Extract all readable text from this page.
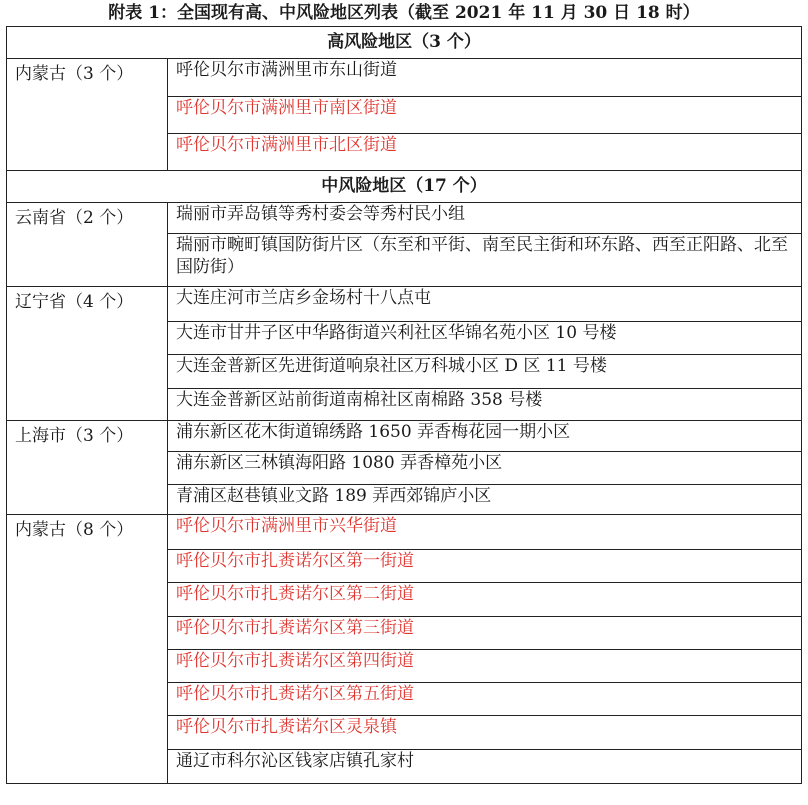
附表 1：全国现有高、中风险地区列表（截至 2021 年 11 月 30 日 18 时）
高风险地区（3 个）	
内蒙古（3 个）	呼伦贝尔市满洲里市东山街道
	呼伦贝尔市满洲里市南区街道
	呼伦贝尔市满洲里市北区街道
中风险地区（17 个）	
云南省（2 个）	瑞丽市弄岛镇等秀村委会等秀村民小组
	瑞丽市畹町镇国防街片区（东至和平街、南至民主街和环东路、西至正阳路、北至国防街）
辽宁省（4 个）	大连庄河市兰店乡金场村十八点屯
	大连市甘井子区中华路街道兴利社区华锦名苑小区 10 号楼
	大连金普新区先进街道响泉社区万科城小区 D 区 11 号楼
	大连金普新区站前街道南棉社区南棉路 358 号楼
上海市（3 个）	浦东新区花木街道锦绣路 1650 弄香梅花园一期小区
	浦东新区三林镇海阳路 1080 弄香樟苑小区
	青浦区赵巷镇业文路 189 弄西郊锦庐小区
内蒙古（8 个）	呼伦贝尔市满洲里市兴华街道
	呼伦贝尔市扎赉诺尔区第一街道
	呼伦贝尔市扎赉诺尔区第二街道
	呼伦贝尔市扎赉诺尔区第三街道
	呼伦贝尔市扎赉诺尔区第四街道
	呼伦贝尔市扎赉诺尔区第五街道
	呼伦贝尔市扎赉诺尔区灵泉镇
	通辽市科尔沁区钱家店镇孔家村
